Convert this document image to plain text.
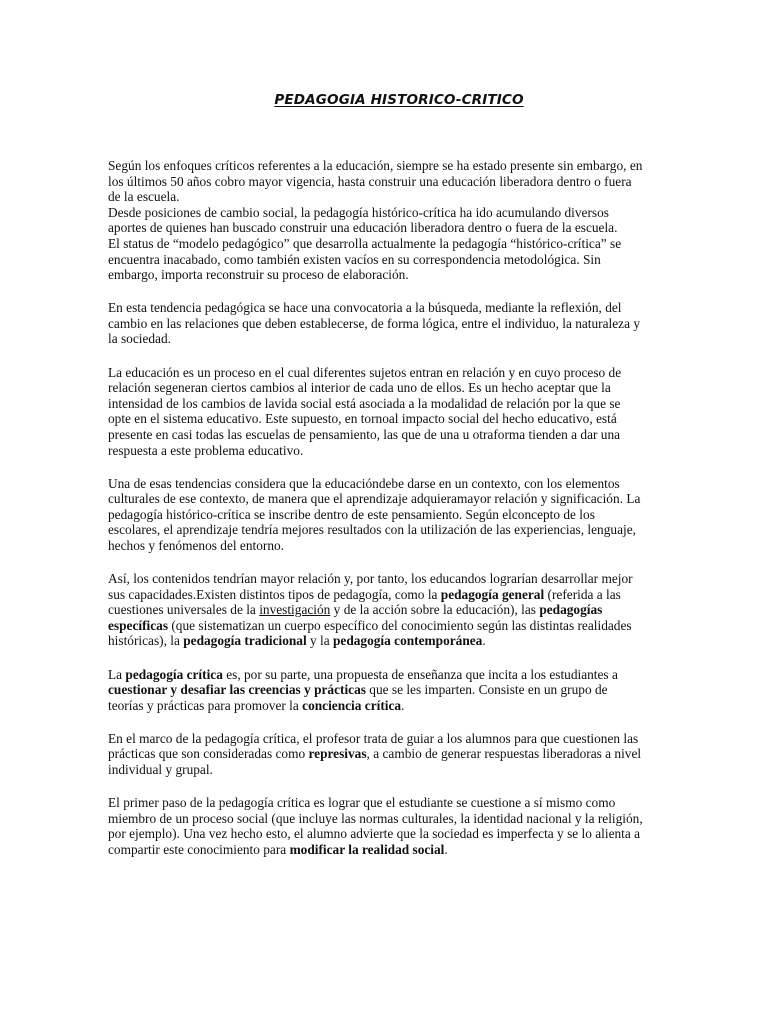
PEDAGOGIA HISTORICO-CRITICO
Según los enfoques críticos referentes a la educación, siempre se ha estado presente sin embargo, en
los últimos 50 años cobro mayor vigencia, hasta construir una educación liberadora dentro o fuera
de la escuela.
Desde posiciones de cambio social, la pedagogía histórico-crítica ha ido acumulando diversos
aportes de quienes han buscado construir una educación liberadora dentro o fuera de la escuela.
El status de “modelo pedagógico” que desarrolla actualmente la pedagogía “histórico-crítica” se
encuentra inacabado, como también existen vacíos en su correspondencia metodológica. Sin
embargo, importa reconstruir su proceso de elaboración.
En esta tendencia pedagógica se hace una convocatoria a la búsqueda, mediante la reflexión, del
cambio en las relaciones que deben establecerse, de forma lógica, entre el individuo, la naturaleza y
la sociedad.
La educación es un proceso en el cual diferentes sujetos entran en relación y en cuyo proceso de
relación segeneran ciertos cambios al interior de cada uno de ellos. Es un hecho aceptar que la
intensidad de los cambios de lavida social está asociada a la modalidad de relación por la que se
opte en el sistema educativo. Este supuesto, en tornoal impacto social del hecho educativo, está
presente en casi todas las escuelas de pensamiento, las que de una u otraforma tienden a dar una
respuesta a este problema educativo.
Una de esas tendencias considera que la educacióndebe darse en un contexto, con los elementos
culturales de ese contexto, de manera que el aprendizaje adquieramayor relación y significación. La
pedagogía histórico-crítica se inscribe dentro de este pensamiento. Según elconcepto de los
escolares, el aprendizaje tendría mejores resultados con la utilización de las experiencias, lenguaje,
hechos y fenómenos del entorno.
Así, los contenidos tendrían mayor relación y, por tanto, los educandos lograrían desarrollar mejor
sus capacidades.Existen distintos tipos de pedagogía, como la pedagogía general (referida a las
cuestiones universales de la investigación y de la acción sobre la educación), las pedagogías
específicas (que sistematizan un cuerpo específico del conocimiento según las distintas realidades
históricas), la pedagogía tradicional y la pedagogía contemporánea.
La pedagogía crítica es, por su parte, una propuesta de enseñanza que incita a los estudiantes a
cuestionar y desafiar las creencias y prácticas que se les imparten. Consiste en un grupo de
teorías y prácticas para promover la conciencia crítica.
En el marco de la pedagogía crítica, el profesor trata de guiar a los alumnos para que cuestionen las
prácticas que son consideradas como represivas, a cambio de generar respuestas liberadoras a nivel
individual y grupal.
El primer paso de la pedagogía crítica es lograr que el estudiante se cuestione a sí mismo como
miembro de un proceso social (que incluye las normas culturales, la identidad nacional y la religión,
por ejemplo). Una vez hecho esto, el alumno advierte que la sociedad es imperfecta y se lo alienta a
compartir este conocimiento para modificar la realidad social.
